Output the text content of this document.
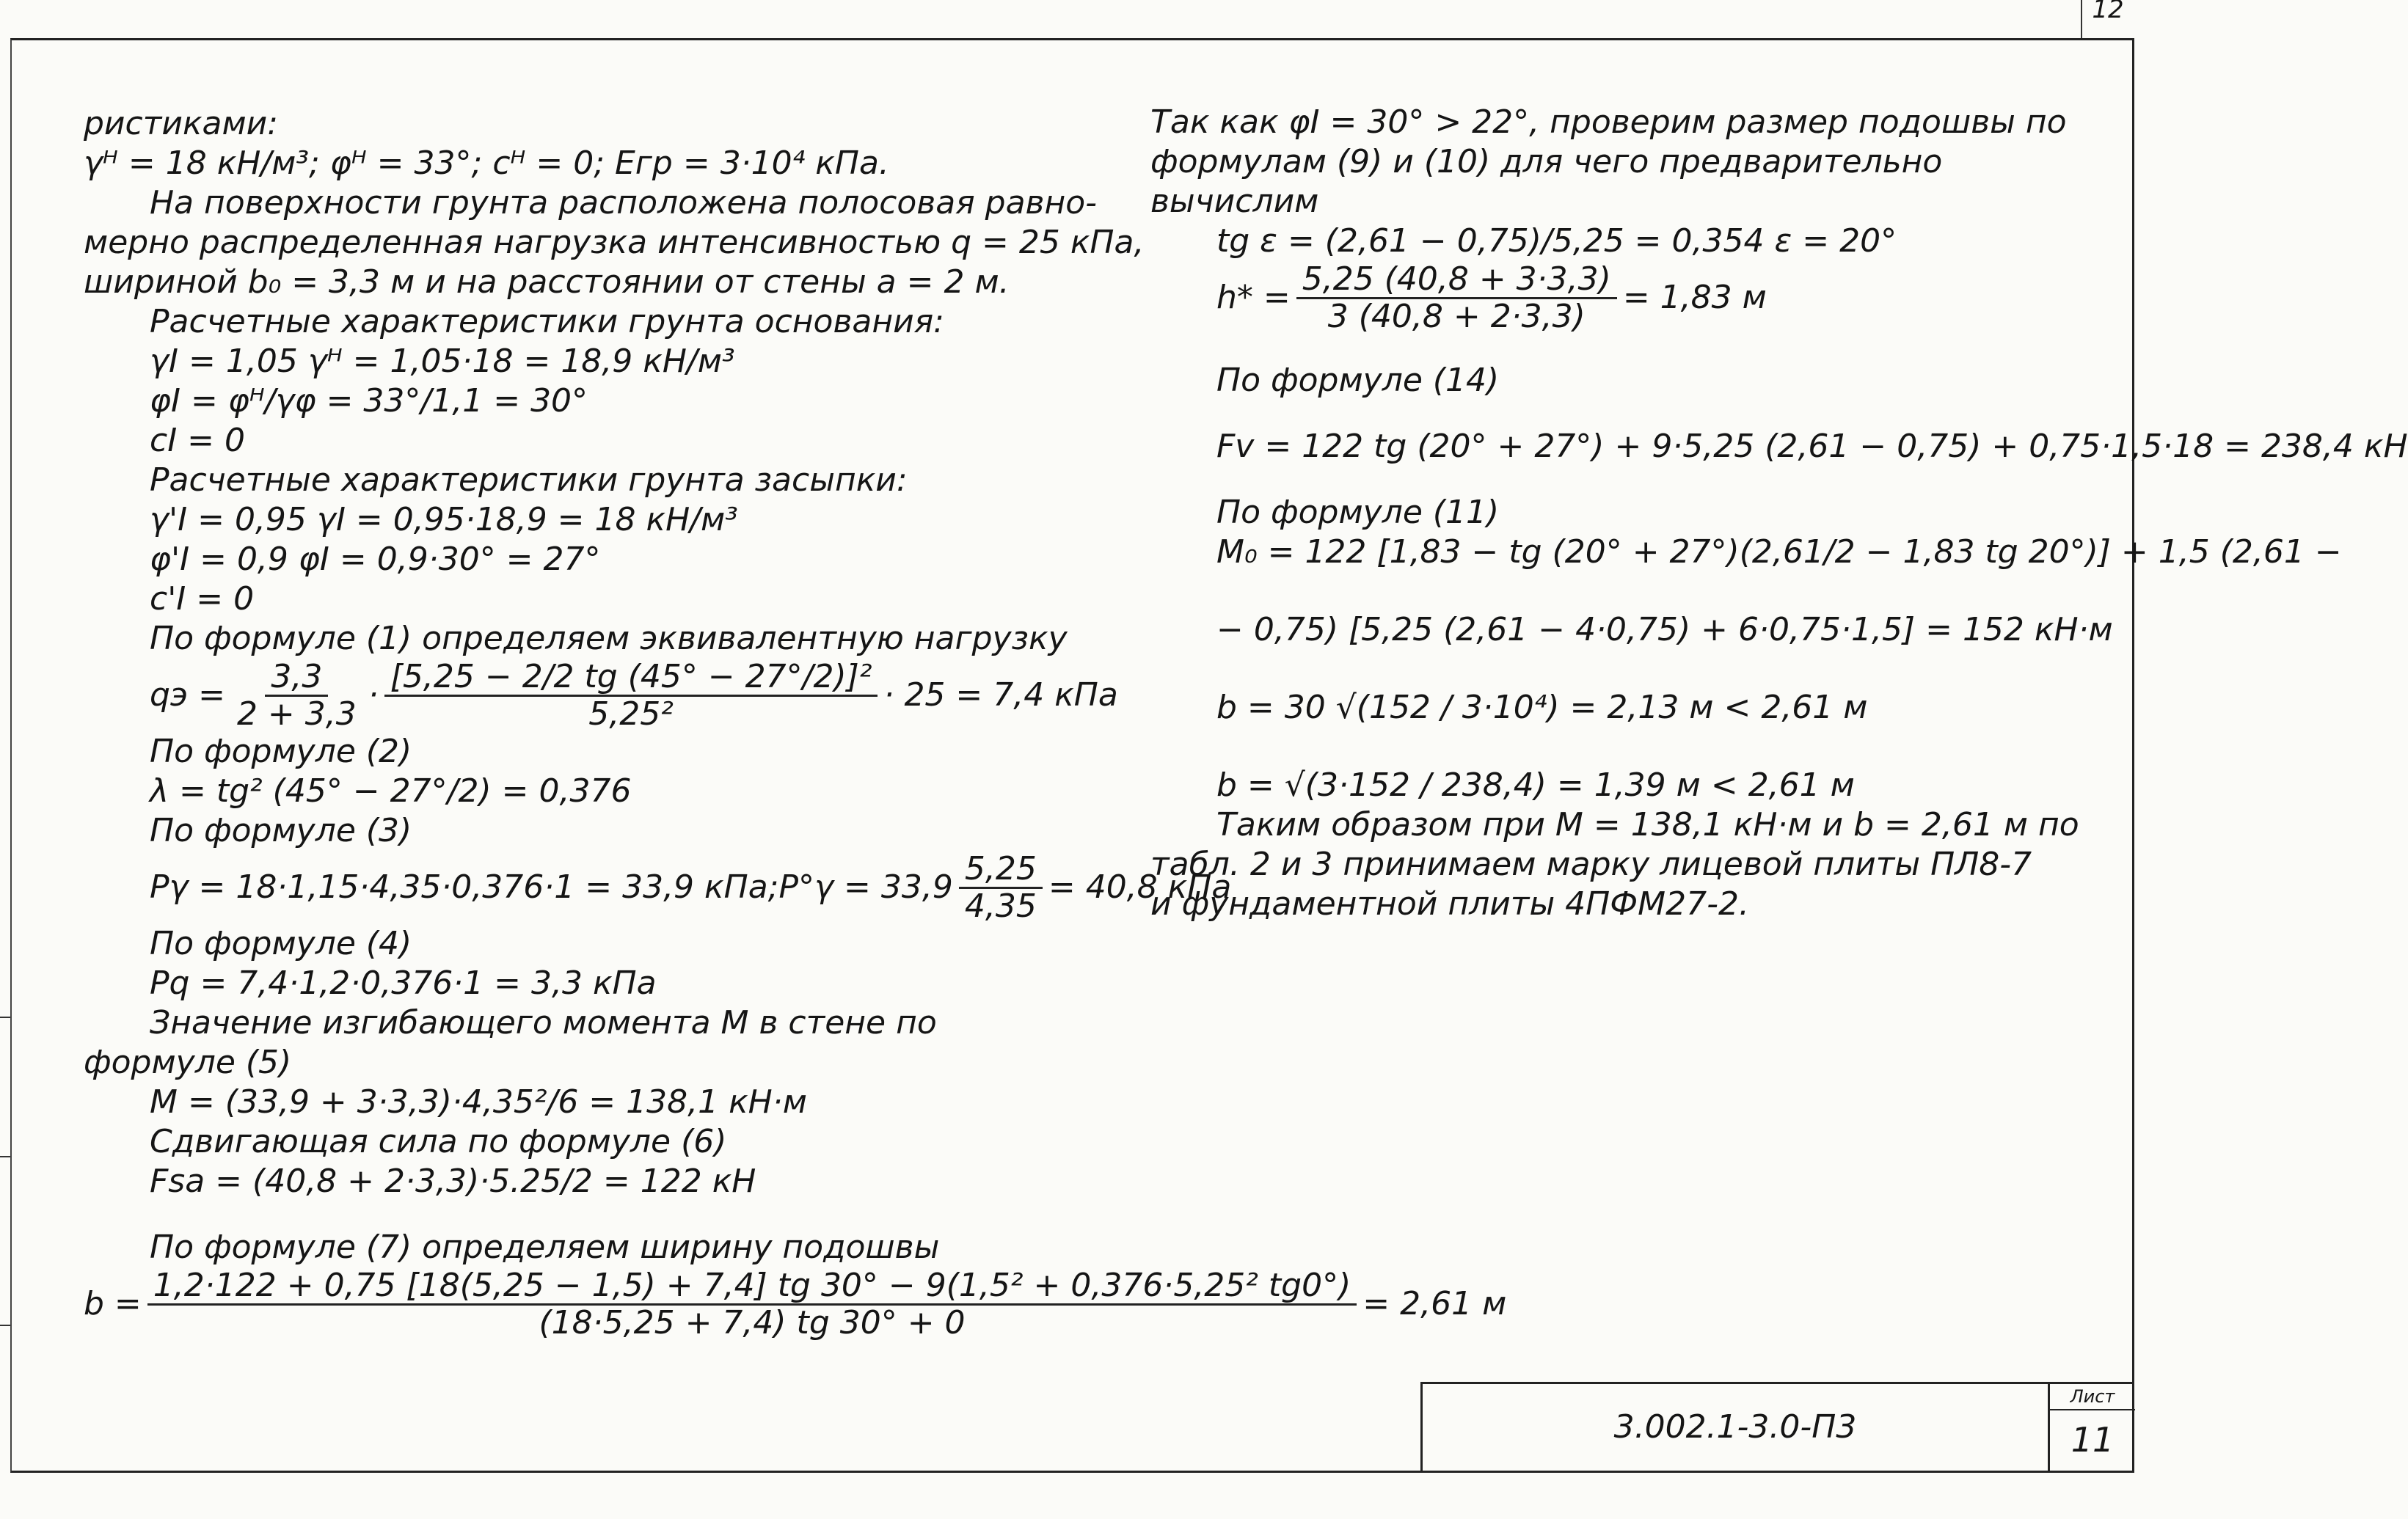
12
ристиками:
γᴴ = 18 кН/м³; φᴴ = 33°; cᴴ = 0; Eгр = 3·10⁴ кПа.
На поверхности грунта расположена полосовая равно-
мерно распределенная нагрузка интенсивностью q = 25 кПа,
шириной b₀ = 3,3 м и на расстоянии от стены a = 2 м.
Расчетные характеристики грунта основания:
γI = 1,05 γᴴ = 1,05·18 = 18,9 кН/м³
φI = φᴴ/γφ = 33°/1,1 = 30°
cI = 0
Расчетные характеристики грунта засыпки:
γ'I = 0,95 γI = 0,95·18,9 = 18 кН/м³
φ'I = 0,9 φI = 0,9·30° = 27°
c'I = 0
По формуле (1) определяем эквивалентную нагрузку
qэ = $\frac{3,3}{2 + 3,3} \cdot \frac{\text{[5,25 − 2/2 tg (45° − 27°/2)]²}}{\text{5,25²}} \cdot 25 = 7,4$ кПа
По формуле (2)
λ = tg² (45° − 27°/2) = 0,376
По формуле (3)
Pγ = 18·1,15·4,35·0,376·1 = 33,9 кПа; $P^\circ\gamma = 33,9 \frac{5,25}{4,35} = 40,8$ кПа
По формуле (4)
Pq = 7,4·1,2·0,376·1 = 3,3 кПа
Значение изгибающего момента M в стене по
формуле (5)
M = (33,9 + 3·3,3)·4,35²/6 = 138,1 кН·м
Сдвигающая сила по формуле (6)
Fsa = (40,8 + 2·3,3)·5.25/2 = 122 кН
По формуле (7) определяем ширину подошвы
b = 1,2·122 + 0,75 [18(5,25 − 1,5) + 7,4] tg 30° − 9(1,5² + 0,376·5,25² tg0°)
(18·5,25 + 7,4) tg 30° + 0	= 2,61 м
Так как φI = 30° > 22°, проверим размер подошвы по
формулам (9) и (10) для чего предварительно
вычислим
tg ε = (2,61 − 0,75)/5,25 = 0,354 ε = 20°
$h* = \frac{5,25 (40,8 + 3\cdot 3,3)}{3 (40,8 + 2\cdot 3,3)} = 1,83$ м
По формуле (14)
Fv = 122 tg (20° + 27°) + 9·5,25 (2,61 − 0,75) + 0,75·1,5·18 = 238,4 кН
По формуле (11)
M₀ = 122 [1,83 − tg (20° + 27°)(2,61/2 − 1,83 tg 20°)] + 1,5 (2,61 −
− 0,75) [5,25 (2,61 − 4·0,75) + 6·0,75·1,5] = 152 кН·м
b = 30 √(152 / 3·10⁴) = 2,13 м < 2,61 м
b = √(3·152 / 238,4) = 1,39 м < 2,61 м
Таким образом при M = 138,1 кН·м и b = 2,61 м по
табл. 2 и 3 принимаем марку лицевой плиты ПЛ8-7
и фундаментной плиты 4ПФМ27-2.
3.002.1-3.0-П3
Лист
11
